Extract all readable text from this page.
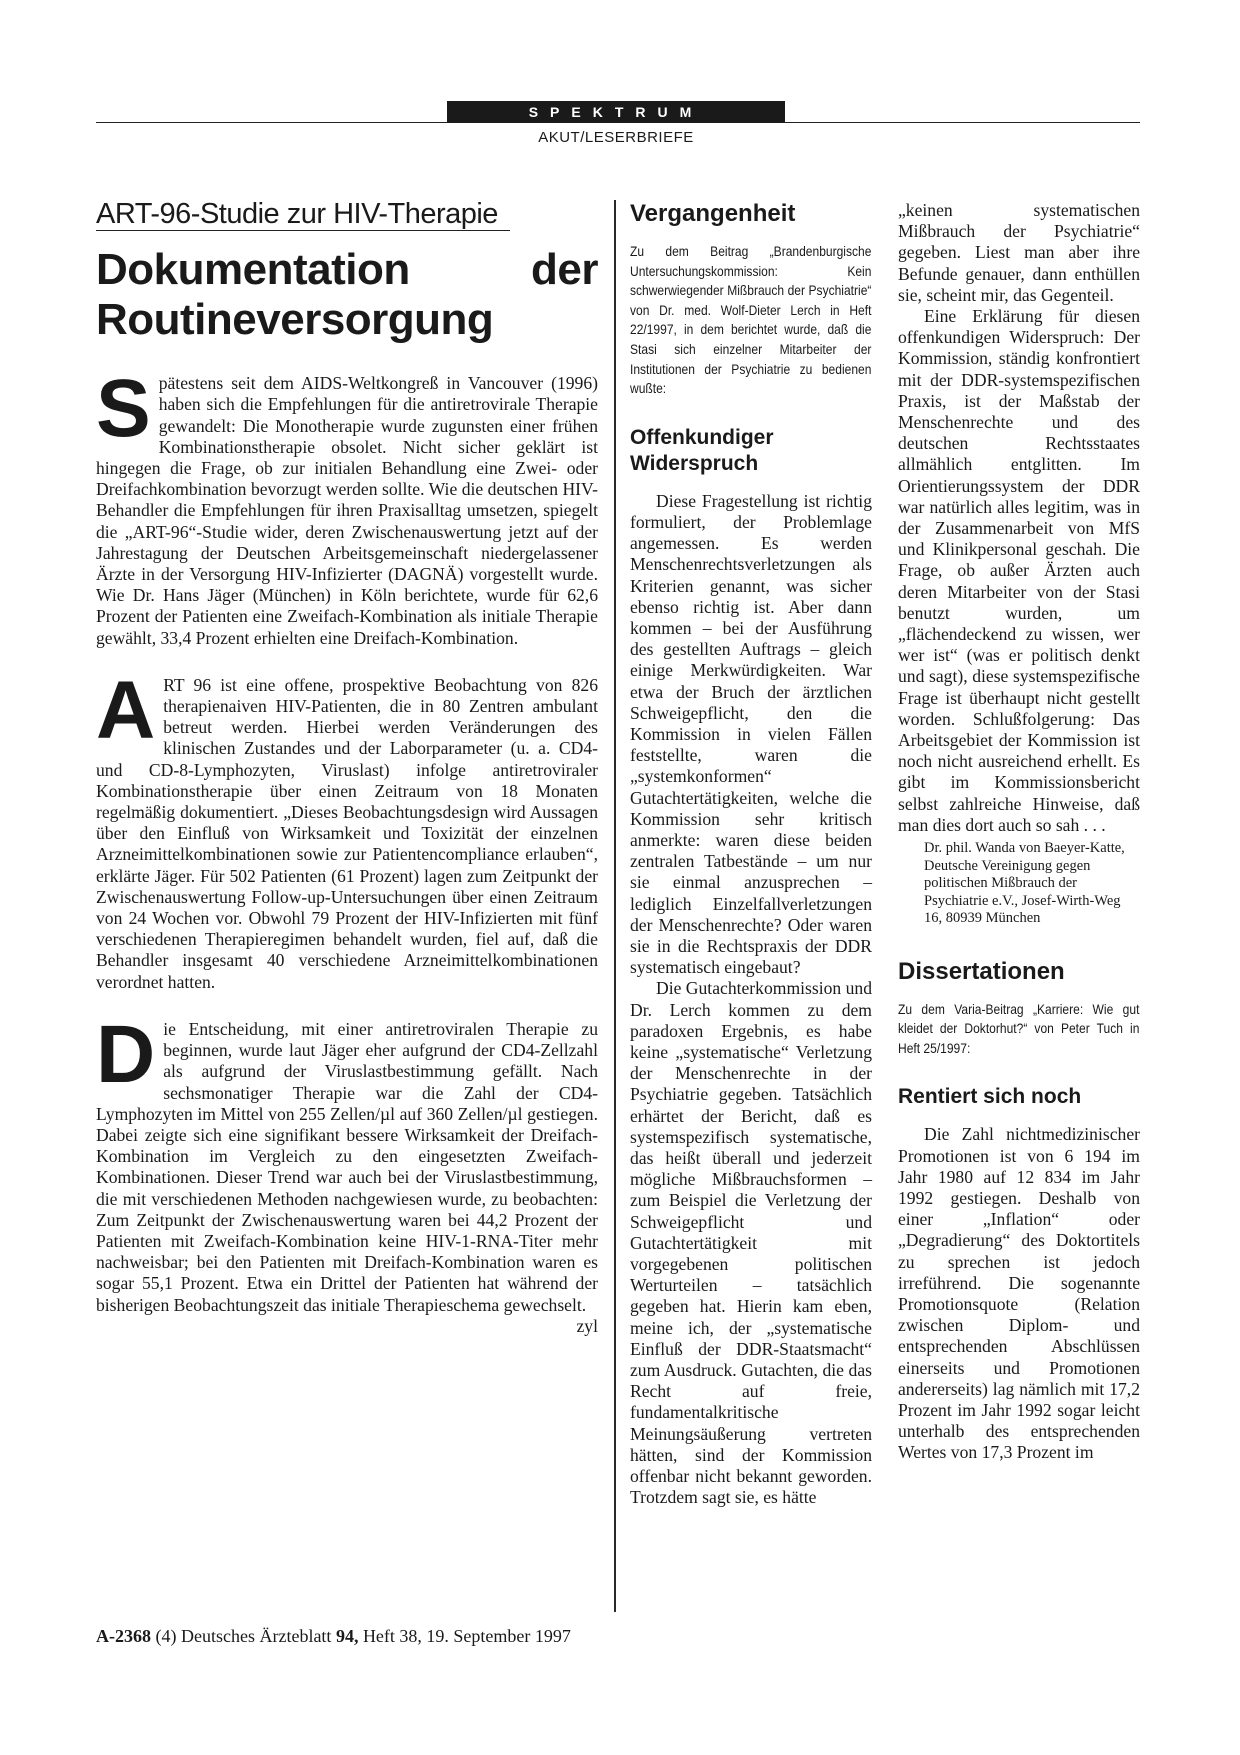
SPEKTRUM
AKUT/LESERBRIEFE
ART-96-Studie zur HIV-Therapie
Dokumentation der Routineversorgung

Spätestens seit dem AIDS-Weltkongreß in Vancouver (1996) haben sich die Empfehlungen für die antiretrovirale Therapie gewandelt: Die Monotherapie wurde zugunsten einer frühen Kombinationstherapie obsolet. Nicht sicher geklärt ist hingegen die Frage, ob zur initialen Behandlung eine Zwei- oder Dreifachkombination bevorzugt werden sollte. Wie die deutschen HIV-Behandler die Empfehlungen für ihren Praxisalltag umsetzen, spiegelt die „ART-96“-Studie wider, deren Zwischenauswertung jetzt auf der Jahrestagung der Deutschen Arbeitsgemeinschaft niedergelassener Ärzte in der Versorgung HIV-Infizierter (DAGNÄ) vorgestellt wurde. Wie Dr. Hans Jäger (München) in Köln berichtete, wurde für 62,6 Prozent der Patienten eine Zweifach-Kombination als initiale Therapie gewählt, 33,4 Prozent erhielten eine Dreifach-Kombination.

ART 96 ist eine offene, prospektive Beobachtung von 826 therapienaiven HIV-Patienten, die in 80 Zentren ambulant betreut werden. Hierbei werden Veränderungen des klinischen Zustandes und der Laborparameter (u. a. CD4- und CD-8-Lymphozyten, Viruslast) infolge antiretroviraler Kombinationstherapie über einen Zeitraum von 18 Monaten regelmäßig dokumentiert. „Dieses Beobachtungsdesign wird Aussagen über den Einfluß von Wirksamkeit und Toxizität der einzelnen Arzneimittelkombinationen sowie zur Patientencompliance erlauben“, erklärte Jäger. Für 502 Patienten (61 Prozent) lagen zum Zeitpunkt der Zwischenauswertung Follow-up-Untersuchungen über einen Zeitraum von 24 Wochen vor. Obwohl 79 Prozent der HIV-Infizierten mit fünf verschiedenen Therapieregimen behandelt wurden, fiel auf, daß die Behandler insgesamt 40 verschiedene Arzneimittelkombinationen verordnet hatten.

Die Entscheidung, mit einer antiretroviralen Therapie zu beginnen, wurde laut Jäger eher aufgrund der CD4-Zellzahl als aufgrund der Viruslastbestimmung gefällt. Nach sechsmonatiger Therapie war die Zahl der CD4-Lymphozyten im Mittel von 255 Zellen/µl auf 360 Zellen/µl gestiegen. Dabei zeigte sich eine signifikant bessere Wirksamkeit der Dreifach-Kombination im Vergleich zu den eingesetzten Zweifach-Kombinationen. Dieser Trend war auch bei der Viruslastbestimmung, die mit verschiedenen Methoden nachgewiesen wurde, zu beobachten: Zum Zeitpunkt der Zwischenauswertung waren bei 44,2 Prozent der Patienten mit Zweifach-Kombination keine HIV-1-RNA-Titer mehr nachweisbar; bei den Patienten mit Dreifach-Kombination waren es sogar 55,1 Prozent. Etwa ein Drittel der Patienten hat während der bisherigen Beobachtungszeit das initiale Therapieschema gewechselt.
zyl

Vergangenheit
Zu dem Beitrag „Brandenburgische Untersuchungskommission: Kein schwerwiegender Mißbrauch der Psychiatrie“ von Dr. med. Wolf-Dieter Lerch in Heft 22/1997, in dem berichtet wurde, daß die Stasi sich einzelner Mitarbeiter der Institutionen der Psychiatrie zu bedienen wußte:
Offenkundiger Widerspruch

Diese Fragestellung ist richtig formuliert, der Problemlage angemessen. Es werden Menschenrechtsverletzungen als Kriterien genannt, was sicher ebenso richtig ist. Aber dann kommen – bei der Ausführung des gestellten Auftrags – gleich einige Merkwürdigkeiten. War etwa der Bruch der ärztlichen Schweigepflicht, den die Kommission in vielen Fällen feststellte, waren die „systemkonformen“ Gutachtertätigkeiten, welche die Kommission sehr kritisch anmerkte: waren diese beiden zentralen Tatbestände – um nur sie einmal anzusprechen – lediglich Einzelfallverletzungen der Menschenrechte? Oder waren sie in die Rechtspraxis der DDR systematisch eingebaut?

Die Gutachterkommission und Dr. Lerch kommen zu dem paradoxen Ergebnis, es habe keine „systematische“ Verletzung der Menschenrechte in der Psychiatrie gegeben. Tatsächlich erhärtet der Bericht, daß es systemspezifisch systematische, das heißt überall und jederzeit mögliche Mißbrauchsformen – zum Beispiel die Verletzung der Schweigepflicht und Gutachtertätigkeit mit vorgegebenen politischen Werturteilen – tatsächlich gegeben hat. Hierin kam eben, meine ich, der „systematische Einfluß der DDR-Staatsmacht“ zum Ausdruck. Gutachten, die das Recht auf freie, fundamentalkritische Meinungsäußerung vertreten hätten, sind der Kommission offenbar nicht bekannt geworden. Trotzdem sagt sie, es hätte

„keinen systematischen Mißbrauch der Psychiatrie“ gegeben. Liest man aber ihre Befunde genauer, dann enthüllen sie, scheint mir, das Gegenteil.

Eine Erklärung für diesen offenkundigen Widerspruch: Der Kommission, ständig konfrontiert mit der DDR-systemspezifischen Praxis, ist der Maßstab der Menschenrechte und des deutschen Rechtsstaates allmählich entglitten. Im Orientierungssystem der DDR war natürlich alles legitim, was in der Zusammenarbeit von MfS und Klinikpersonal geschah. Die Frage, ob außer Ärzten auch deren Mitarbeiter von der Stasi benutzt wurden, um „flächendeckend zu wissen, wer wer ist“ (was er politisch denkt und sagt), diese systemspezifische Frage ist überhaupt nicht gestellt worden. Schlußfolgerung: Das Arbeitsgebiet der Kommission ist noch nicht ausreichend erhellt. Es gibt im Kommissionsbericht selbst zahlreiche Hinweise, daß man dies dort auch so sah . . .

Dr. phil. Wanda von Baeyer-Katte, Deutsche Vereinigung gegen politischen Mißbrauch der Psychiatrie e.V., Josef-Wirth-Weg 16, 80939 München

Dissertationen
Zu dem Varia-Beitrag „Karriere: Wie gut kleidet der Doktorhut?“ von Peter Tuch in Heft 25/1997:
Rentiert sich noch

Die Zahl nichtmedizinischer Promotionen ist von 6 194 im Jahr 1980 auf 12 834 im Jahr 1992 gestiegen. Deshalb von einer „Inflation“ oder „Degradierung“ des Doktortitels zu sprechen ist jedoch irreführend. Die sogenannte Promotionsquote (Relation zwischen Diplom- und entsprechenden Abschlüssen einerseits und Promotionen andererseits) lag nämlich mit 17,2 Prozent im Jahr 1992 sogar leicht unterhalb des entsprechenden Wertes von 17,3 Prozent im

A-2368 (4) Deutsches Ärzteblatt 94, Heft 38, 19. September 1997
